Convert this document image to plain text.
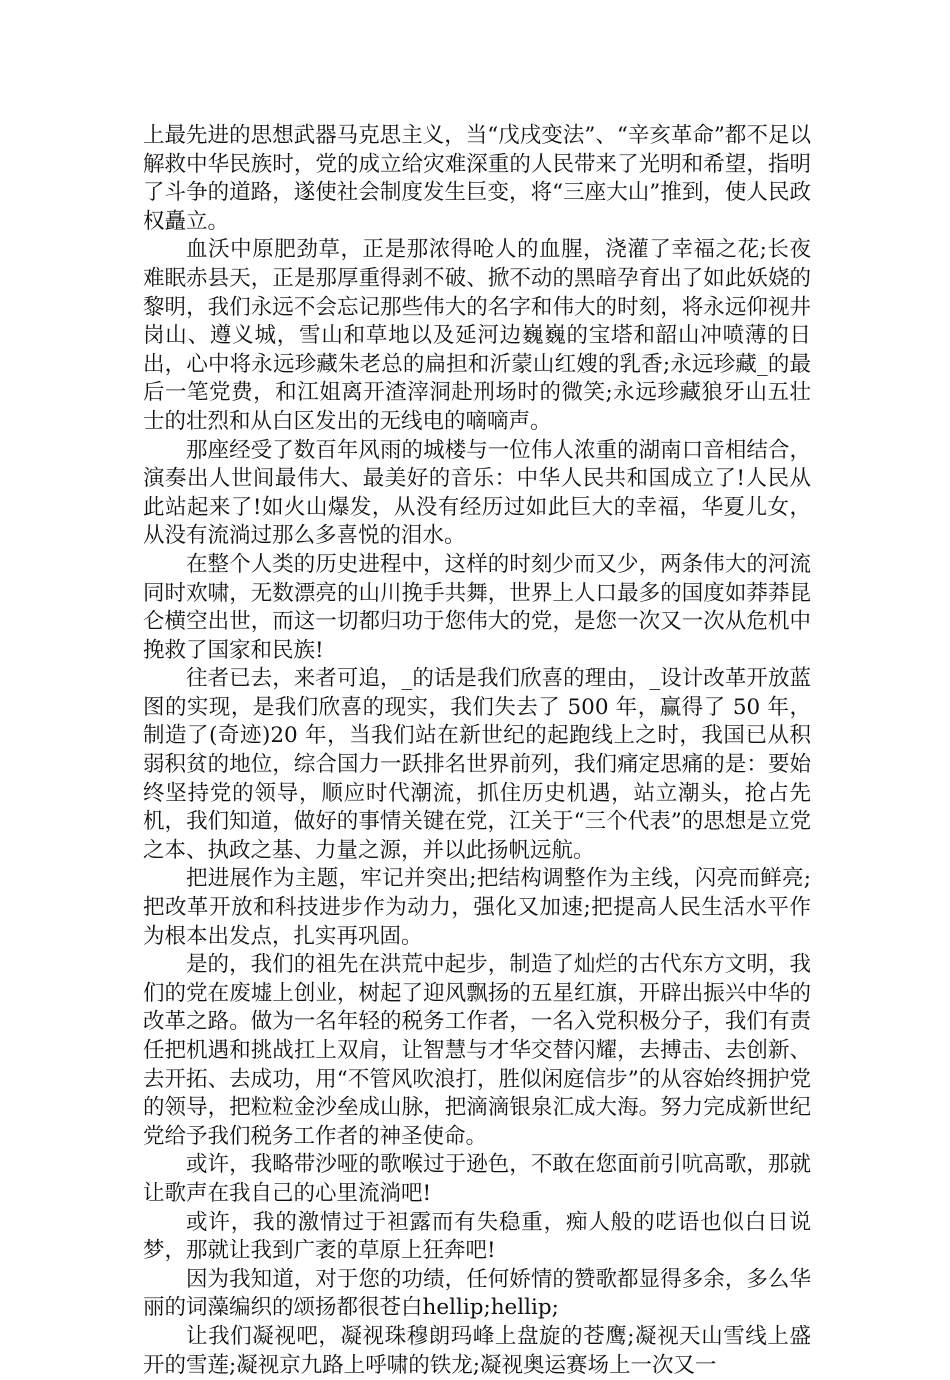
上最先进的思想武器马克思主义，当“戊戌变法”、“辛亥革命”都不足以解救中华民族时，党的成立给灾难深重的人民带来了光明和希望，指明了斗争的道路，遂使社会制度发生巨变，将“三座大山”推到，使人民政权矗立。

血沃中原肥劲草，正是那浓得呛人的血腥，浇灌了幸福之花;长夜难眠赤县天，正是那厚重得剥不破、掀不动的黑暗孕育出了如此妖娆的黎明，我们永远不会忘记那些伟大的名字和伟大的时刻，将永远仰视井岗山、遵义城，雪山和草地以及延河边巍巍的宝塔和韶山冲喷薄的日出，心中将永远珍藏朱老总的扁担和沂蒙山红嫂的乳香;永远珍藏_的最后一笔党费，和江姐离开渣滓洞赴刑场时的微笑;永远珍藏狼牙山五壮士的壮烈和从白区发出的无线电的嘀嘀声。

那座经受了数百年风雨的城楼与一位伟人浓重的湖南口音相结合，演奏出人世间最伟大、最美好的音乐：中华人民共和国成立了!人民从此站起来了!如火山爆发，从没有经历过如此巨大的幸福，华夏儿女，从没有流淌过那么多喜悦的泪水。

在整个人类的历史进程中，这样的时刻少而又少，两条伟大的河流同时欢啸，无数漂亮的山川挽手共舞，世界上人口最多的国度如莽莽昆仑横空出世，而这一切都归功于您伟大的党，是您一次又一次从危机中挽救了国家和民族!

往者已去，来者可追，_的话是我们欣喜的理由，_设计改革开放蓝图的实现，是我们欣喜的现实，我们失去了 500 年，赢得了 50 年，制造了(奇迹)20 年，当我们站在新世纪的起跑线上之时，我国已从积弱积贫的地位，综合国力一跃排名世界前列，我们痛定思痛的是：要始终坚持党的领导，顺应时代潮流，抓住历史机遇，站立潮头，抢占先机，我们知道，做好的事情关键在党，江关于“三个代表”的思想是立党之本、执政之基、力量之源，并以此扬帆远航。

把进展作为主题，牢记并突出;把结构调整作为主线，闪亮而鲜亮;把改革开放和科技进步作为动力，强化又加速;把提高人民生活水平作为根本出发点，扎实再巩固。

是的，我们的祖先在洪荒中起步，制造了灿烂的古代东方文明，我们的党在废墟上创业，树起了迎风飘扬的五星红旗，开辟出振兴中华的改革之路。做为一名年轻的税务工作者，一名入党积极分子，我们有责任把机遇和挑战扛上双肩，让智慧与才华交替闪耀，去搏击、去创新、去开拓、去成功，用“不管风吹浪打，胜似闲庭信步”的从容始终拥护党的领导，把粒粒金沙垒成山脉，把滴滴银泉汇成大海。努力完成新世纪党给予我们税务工作者的神圣使命。

或许，我略带沙哑的歌喉过于逊色，不敢在您面前引吭高歌，那就让歌声在我自己的心里流淌吧!

或许，我的激情过于袒露而有失稳重，痴人般的呓语也似白日说梦，那就让我到广袤的草原上狂奔吧!

因为我知道，对于您的功绩，任何娇情的赞歌都显得多余，多么华丽的词藻编织的颂扬都很苍白hellip;hellip;

让我们凝视吧，凝视珠穆朗玛峰上盘旋的苍鹰;凝视天山雪线上盛开的雪莲;凝视京九路上呼啸的铁龙;凝视奥运赛场上一次又一
